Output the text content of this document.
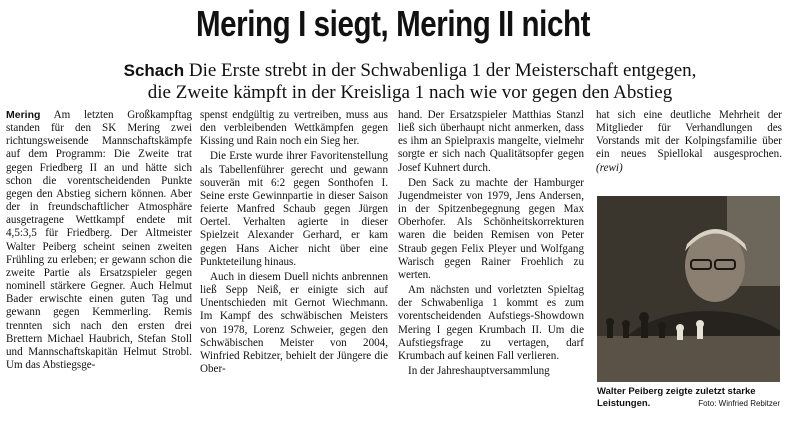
Mering I siegt, Mering II nicht
Schach Die Erste strebt in der Schwabenliga 1 der Meisterschaft entgegen,
die Zweite kämpft in der Kreisliga 1 nach wie vor gegen den Abstieg

Mering Am letzten Großkampftag standen für den SK Mering zwei richtungsweisende Mannschaftskämpfe auf dem Programm: Die Zweite trat gegen Friedberg II an und hätte sich schon die vorentscheidenden Punkte gegen den Abstieg sichern können. Aber der in freundschaftlicher Atmosphäre ausgetragene Wettkampf endete mit 4,5:3,5 für Friedberg. Der Altmeister Walter Peiberg scheint seinen zweiten Frühling zu erleben; er gewann schon die zweite Partie als Ersatzspieler gegen nominell stärkere Gegner. Auch Helmut Bader erwischte einen guten Tag und gewann gegen Kemmerling. Remis trennten sich nach den ersten drei Brettern Michael Haubrich, Stefan Stoll und Mannschaftskapitän Helmut Strobl. Um das Abstiegsge-

spenst endgültig zu vertreiben, muss aus den verbleibenden Wettkämpfen gegen Kissing und Rain noch ein Sieg her.

Die Erste wurde ihrer Favoritenstellung als Tabellenführer gerecht und gewann souverän mit 6:2 gegen Sonthofen I. Seine erste Gewinnpartie in dieser Saison feierte Manfred Schaub gegen Jürgen Oertel. Verhalten agierte in dieser Spielzeit Alexander Gerhard, er kam gegen Hans Aicher nicht über eine Punkteteilung hinaus.

Auch in diesem Duell nichts anbrennen ließ Sepp Neiß, er einigte sich auf Unentschieden mit Gernot Wiechmann. Im Kampf des schwäbischen Meisters von 1978, Lorenz Schweier, gegen den Schwäbischen Meister von 2004, Winfried Rebitzer, behielt der Jüngere die Ober-

hand. Der Ersatzspieler Matthias Stanzl ließ sich überhaupt nicht anmerken, dass es ihm an Spielpraxis mangelte, vielmehr sorgte er sich nach Qualitätsopfer gegen Josef Kuhnert durch.

Den Sack zu machte der Hamburger Jugendmeister von 1979, Jens Andersen, in der Spitzenbegegnung gegen Max Oberhofer. Als Schönheitskorrekturen waren die beiden Remisen von Peter Straub gegen Felix Pleyer und Wolfgang Warisch gegen Rainer Froehlich zu werten.

Am nächsten und vorletzten Spieltag der Schwabenliga 1 kommt es zum vorentscheidenden Aufstiegs-Showdown Mering I gegen Krumbach II. Um die Aufstiegsfrage zu vertagen, darf Krumbach auf keinen Fall verlieren.

In der Jahreshauptversammlung

hat sich eine deutliche Mehrheit der Mitglieder für Verhandlungen des Vorstands mit der Kolpingsfamilie über ein neues Spiellokal ausgesprochen. (rewi)

Walter Peiberg zeigte zuletzt starke Leistungen.	Foto: Winfried Rebitzer
